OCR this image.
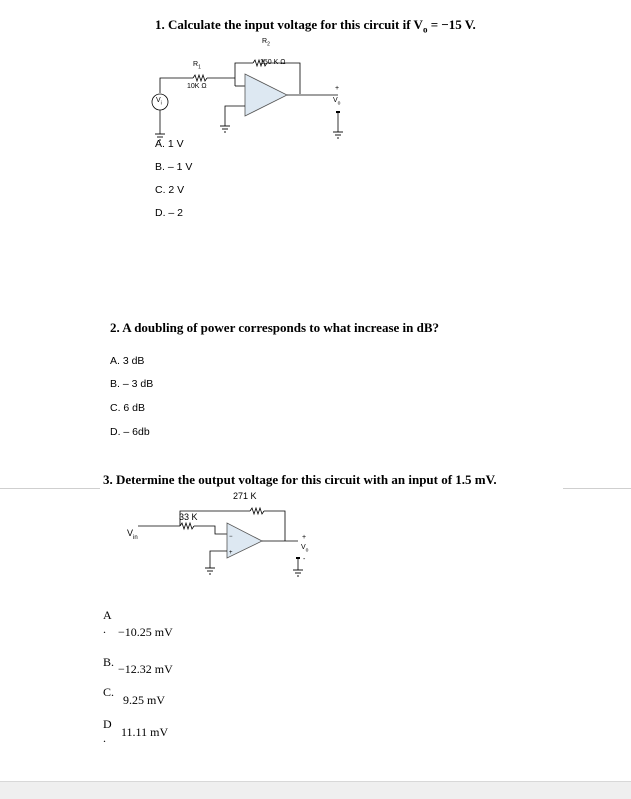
1. Calculate the input voltage for this circuit if $V_o = -15$ V.
$R_2$
150 K Ω
$R_1$
10K Ω
$V_i$
+
$V_o$
-
A. 1 V
B. – 1 V
C. 2 V
D. – 2
2. A doubling of power corresponds to what increase in dB?
A. 3 dB
B. – 3 dB
C. 6 dB
D. – 6db
3. Determine the output voltage for this circuit with an input of 1.5 mV.
−
+
271 K
33 K
$V_{in}$	+
$V_o$
-
A
. −10.25 mV
B. −12.32 mV
C.
9.25 mV
D
. 11.11 mV
